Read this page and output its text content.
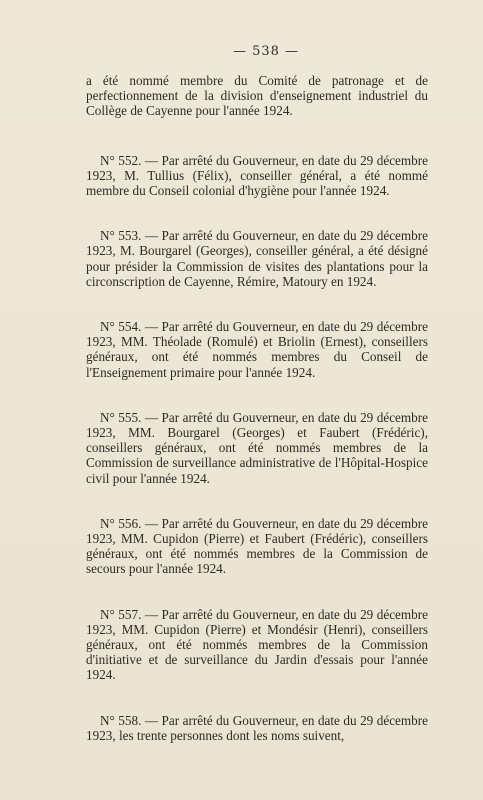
— 538 —

a été nommé membre du Comité de patronage et de perfectionnement de la division d'enseignement industriel du Collège de Cayenne pour l'année 1924.

N° 552. — Par arrêté du Gouverneur, en date du 29 décembre 1923, M. Tullius (Félix), conseiller général, a été nommé membre du Conseil colonial d'hygiène pour l'année 1924.

N° 553. — Par arrêté du Gouverneur, en date du 29 décembre 1923, M. Bourgarel (Georges), conseiller général, a été désigné pour présider la Commission de visites des plantations pour la circonscription de Cayenne, Rémire, Matoury en 1924.

N° 554. — Par arrêté du Gouverneur, en date du 29 décembre 1923, MM. Théolade (Romulé) et Briolin (Ernest), conseillers généraux, ont été nommés membres du Conseil de l'Enseignement primaire pour l'année 1924.

N° 555. — Par arrêté du Gouverneur, en date du 29 décembre 1923, MM. Bourgarel (Georges) et Faubert (Frédéric), conseillers généraux, ont été nommés membres de la Commission de surveillance administrative de l'Hôpital-Hospice civil pour l'année 1924.

N° 556. — Par arrêté du Gouverneur, en date du 29 décembre 1923, MM. Cupidon (Pierre) et Faubert (Frédéric), conseillers généraux, ont été nommés membres de la Commission de secours pour l'année 1924.

N° 557. — Par arrêté du Gouverneur, en date du 29 décembre 1923, MM. Cupidon (Pierre) et Mondésir (Henri), conseillers généraux, ont été nommés membres de la Commission d'initiative et de surveillance du Jardin d'essais pour l'année 1924.

N° 558. — Par arrêté du Gouverneur, en date du 29 décembre 1923, les trente personnes dont les noms suivent,
